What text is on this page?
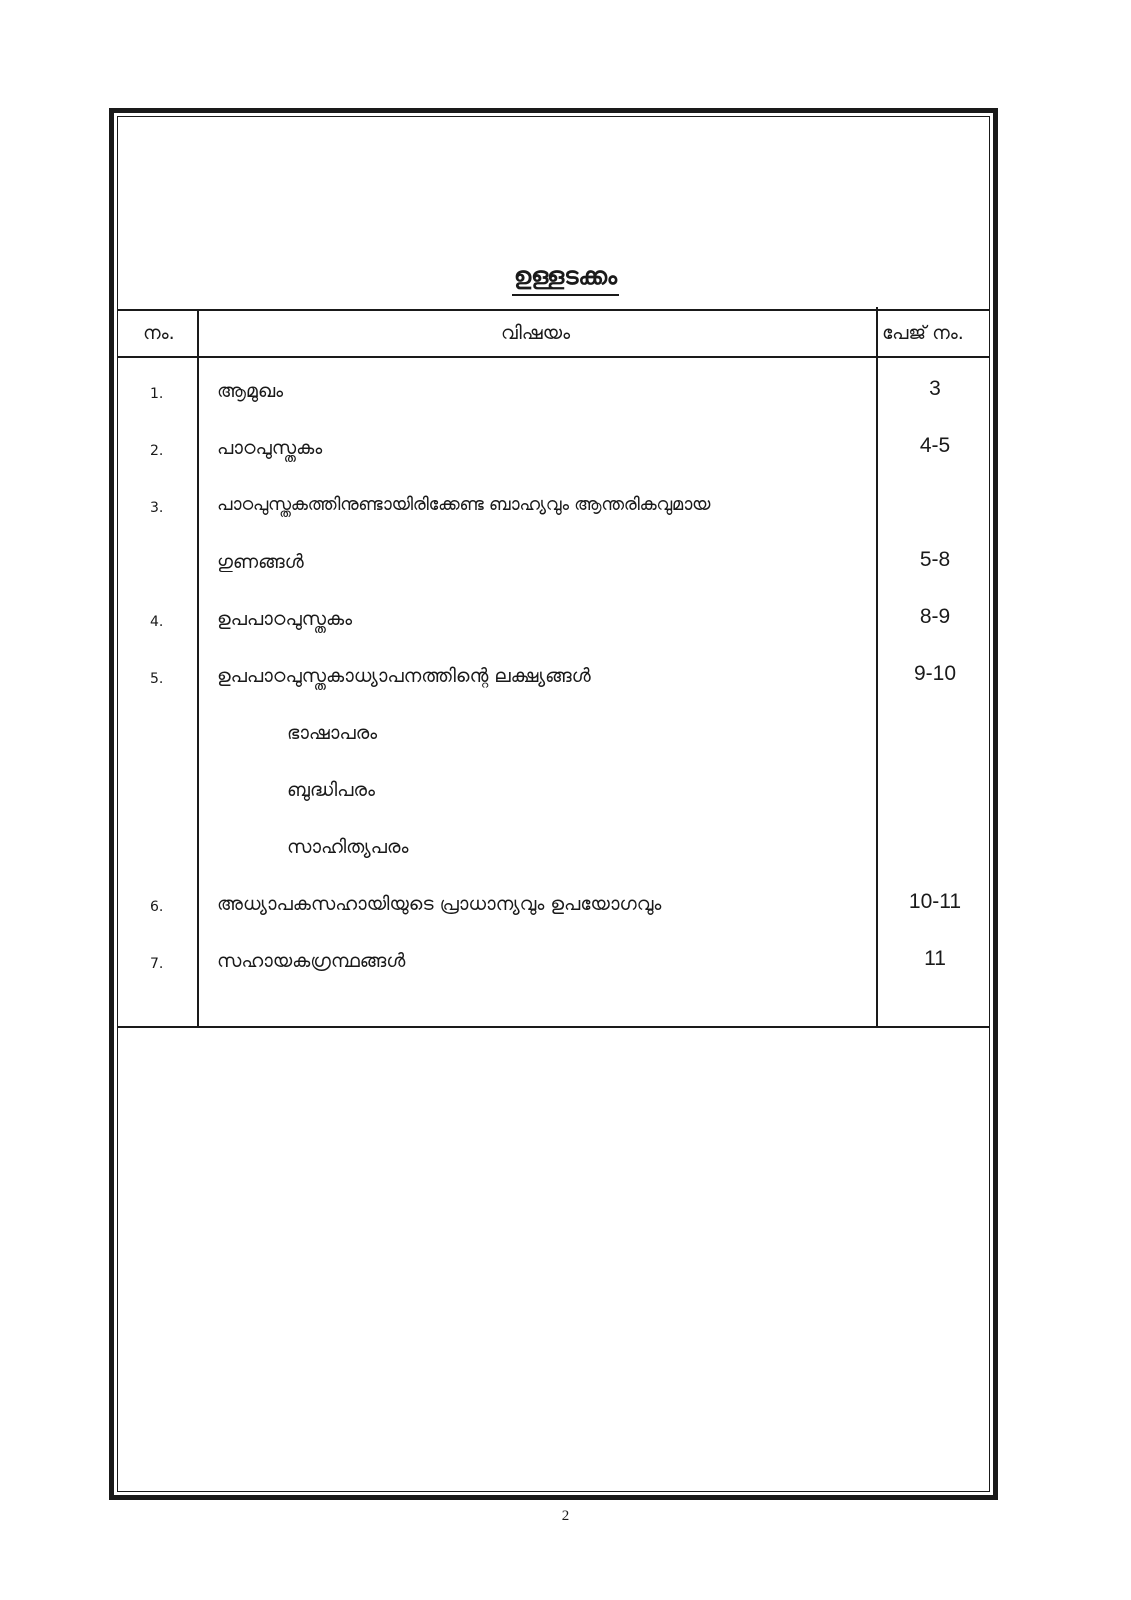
ഉള്ളടക്കം
നം.	വിഷയം	പേജ് നം.
1.	ആമുഖം	3
2.	പാഠപുസ്തകം	4-5
3.	പാഠപുസ്തകത്തിനുണ്ടായിരിക്കേണ്ട ബാഹ്യവും ആന്തരികവുമായ
ഗുണങ്ങൾ	5-8
4.	ഉപപാഠപുസ്തകം	8-9
5.	ഉപപാഠപുസ്തകാധ്യാപനത്തിന്റെ ലക്ഷ്യങ്ങൾ	9-10
ഭാഷാപരം
ബുദ്ധിപരം
സാഹിത്യപരം
6.	അധ്യാപകസഹായിയുടെ പ്രാധാന്യവും ഉപയോഗവും	10-11
7.	സഹായകഗ്രന്ഥങ്ങൾ	11
2
